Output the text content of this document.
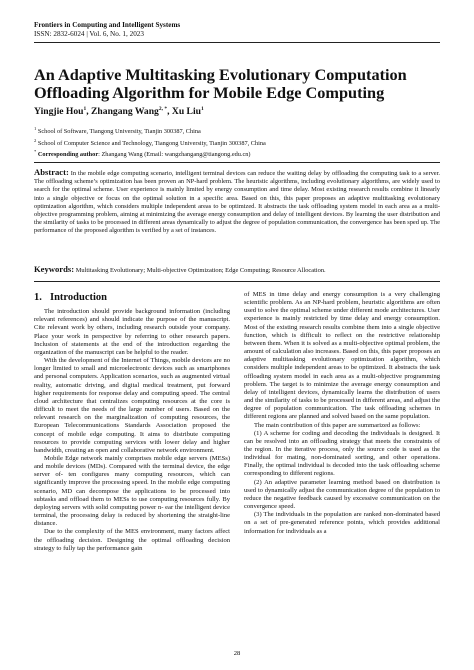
Frontiers in Computing and Intelligent Systems
ISSN: 2832-6024 | Vol. 6, No. 1, 2023
An Adaptive Multitasking Evolutionary Computation Offloading Algorithm for Mobile Edge Computing
Yingjie Hou$^1$, Zhangang Wang$^{2, *}$, Xu Liu$^1$
$^1$ School of Software, Tiangong University, Tianjin 300387, China
$^2$ School of Computer Science and Technology, Tiangong University, Tianjin 300387, China
* Corresponding author: Zhangang Wang (Email: wangzhangang@tiangong.edu.cn)
Abstract: In the mobile edge computing scenario, intelligent terminal devices can reduce the waiting delay by offloading the computing task to a server. The offloading scheme’s optimization has been proven an NP-hard problem. The heuristic algorithms, including evolutionary algorithms, are widely used to search for the optimal scheme. User experience is mainly limited by energy consumption and time delay. Most existing research results combine it linearly into a single objective or focus on the optimal solution in a specific area. Based on this, this paper proposes an adaptive multitasking evolutionary optimization algorithm, which considers multiple independent areas to be optimized. It abstracts the task offloading system model in each area as a multi-objective programming problem, aiming at minimizing the average energy consumption and delay of intelligent devices. By learning the user distribution and the similarity of tasks to be processed in different areas dynamically to adjust the degree of population communication, the convergence has been sped up. The performance of the proposed algorithm is verified by a set of instances.
Keywords: Multitasking Evolutionary; Multi-objective Optimization; Edge Computing; Resource Allocation.
1. Introduction

The introduction should provide background information (including relevant references) and should indicate the purpose of the manuscript. Cite relevant work by others, including research outside your company. Place your work in perspective by referring to other research papers. Inclusion of statements at the end of the introduction regarding the organization of the manuscript can be helpful to the reader.

With the development of the Internet of Things, mobile devices are no longer limited to small and microelectronic devices such as smartphones and personal computers. Application scenarios, such as augmented virtual reality, automatic driving, and digital medical treatment, put forward higher requirements for response delay and computing speed. The central cloud architecture that centralizes computing resources at the core is difficult to meet the needs of the large number of users. Based on the relevant research on the marginalization of computing resources, the European Telecommunications Standards Association proposed the concept of mobile edge computing. It aims to distribute computing resources to provide computing services with lower delay and higher bandwidth, creating an open and collaborative network environment.

Mobile Edge network mainly comprises mobile edge servers (MESs) and mobile devices (MDs). Compared with the terminal device, the edge server of- ten configures many computing resources, which can significantly improve the processing speed. In the mobile edge computing scenario, MD can decompose the applications to be processed into subtasks and offload them to MESs to use computing resources fully. By deploying servers with solid computing power n- ear the intelligent device terminal, the processing delay is reduced by shortening the straight-line distance.

Due to the complexity of the MES environment, many factors affect the offloading decision. Designing the optimal offloading decision strategy to fully tap the performance gain

of MES in time delay and energy consumption is a very challenging scientific problem. As an NP-hard problem, heuristic algorithms are often used to solve the optimal scheme under different mode architectures. User experience is mainly restricted by time delay and energy consumption. Most of the existing research results combine them into a single objective function, which is difficult to reflect on the restrictive relationship between them. When it is solved as a multi-objective optimal problem, the amount of calculation also increases. Based on this, this paper proposes an adaptive multitasking evolutionary optimization algorithm, which considers multiple independent areas to be optimized. It abstracts the task offloading system model in each area as a multi-objective programming problem. The target is to minimize the average energy consumption and delay of intelligent devices, dynamically learns the distribution of users and the similarity of tasks to be processed in different areas, and adjust the degree of population communication. The task offloading schemes in different regions are planned and solved based on the same population.

The main contribution of this paper are summarized as follows:

(1) A scheme for coding and decoding the individuals is designed. It can be resolved into an offloading strategy that meets the constraints of the region. In the iterative process, only the source code is used as the individual for mating, non-dominated sorting, and other operations. Finally, the optimal individual is decoded into the task offloading scheme corresponding to different regions.

(2) An adaptive parameter learning method based on distribution is used to dynamically adjust the communication degree of the population to reduce the negative feedback caused by excessive communication on the convergence speed.

(3) The individuals in the population are ranked non-dominated based on a set of pre-generated reference points, which provides additional information for individuals as a

28
